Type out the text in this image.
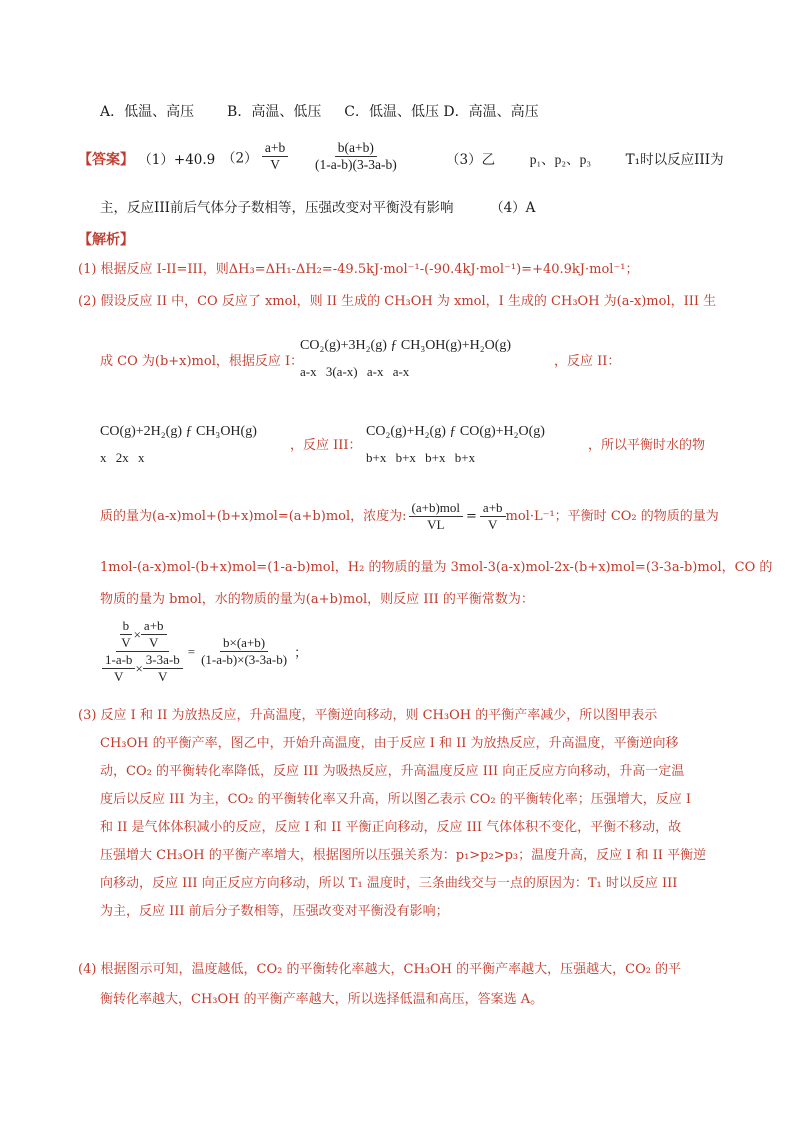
A．低温、高压 B．高温、低压 C．低温、低压 D．高温、高压
【答案】 （1）+40.9 $(2) \frac{a+b}{V} \frac{b(a+b)}{(1-a-b)(3-3a-b)}$	（3）乙	p₁、p₂、p₃	T₁时以反应III为
主，反应III前后气体分子数相等，压强改变对平衡没有影响	（4）A
【解析】
(1) 根据反应 I-II=III，则ΔH₃=ΔH₁-ΔH₂=-49.5kJ·mol⁻¹-(-90.4kJ·mol⁻¹)=+40.9kJ·mol⁻¹；
(2) 假设反应 II 中，CO 反应了 xmol，则 II 生成的 CH₃OH 为 xmol，I 生成的 CH₃OH 为(a-x)mol，III 生
成 CO 为(b+x)mol，根据反应 I：
CO₂(g)+3H₂(g) ƒ CH₃OH(g)+H₂O(g)
a-x 3(a-x) a-x a-x
，反应 II：
CO(g)+2H₂(g) ƒ CH₃OH(g)
x 2x x
，反应 III：
CO₂(g)+H₂(g) ƒ CO(g)+H₂O(g)
b+x b+x b+x b+x
，所以平衡时水的物
质的量为(a-x)mol+(b+x)mol=(a+b)mol，浓度为: $\frac{\text{(a+b)mol}}{VL} = \frac{a+b}{V} mol\cdot L^{-1}$；平衡时 CO₂ 的物质的量为
1mol-(a-x)mol-(b+x)mol=(1-a-b)mol，H₂ 的物质的量为 3mol-3(a-x)mol-2x-(b+x)mol=(3-3a-b)mol，CO 的
物质的量为 bmol，水的物质的量为(a+b)mol，则反应 III 的平衡常数为：
$\frac{\frac{b}{V} \times \frac{a+b}{V}}{\frac{1-a-b}{V} \times \frac{3-3a-b}{V}} = \frac{b\times(a+b)}{(1-a-b)\times(3-3a-b)}$ ；
(3) 反应 I 和 II 为放热反应，升高温度，平衡逆向移动，则 CH₃OH 的平衡产率减少，所以图甲表示
CH₃OH 的平衡产率，图乙中，开始升高温度，由于反应 I 和 II 为放热反应，升高温度，平衡逆向移
动，CO₂ 的平衡转化率降低，反应 III 为吸热反应，升高温度反应 III 向正反应方向移动，升高一定温
度后以反应 III 为主，CO₂ 的平衡转化率又升高，所以图乙表示 CO₂ 的平衡转化率；压强增大，反应 I
和 II 是气体体积减小的反应，反应 I 和 II 平衡正向移动，反应 III 气体体积不变化，平衡不移动，故
压强增大 CH₃OH 的平衡产率增大，根据图所以压强关系为：p₁>p₂>p₃；温度升高，反应 I 和 II 平衡逆
向移动，反应 III 向正反应方向移动，所以 T₁ 温度时，三条曲线交与一点的原因为：T₁ 时以反应 III
为主，反应 III 前后分子数相等，压强改变对平衡没有影响；
(4) 根据图示可知，温度越低，CO₂ 的平衡转化率越大，CH₃OH 的平衡产率越大，压强越大，CO₂ 的平
衡转化率越大，CH₃OH 的平衡产率越大，所以选择低温和高压，答案选 A。
